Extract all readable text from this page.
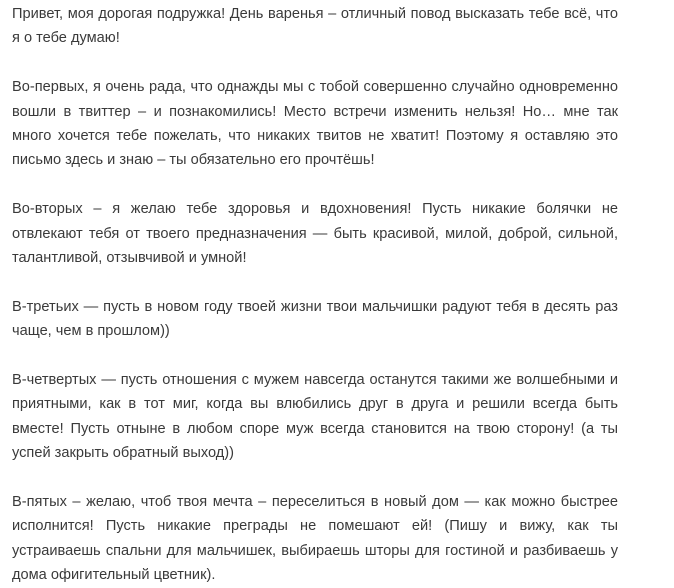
Привет, моя дорогая подружка! День варенья – отличный повод высказать тебе всё, что я о тебе думаю!

Во-первых, я очень рада, что однажды мы с тобой совершенно случайно одновременно вошли в твиттер – и познакомились! Место встречи изменить нельзя! Но… мне так много хочется тебе пожелать, что никаких твитов не хватит! Поэтому я оставляю это письмо здесь и знаю – ты обязательно его прочтёшь!

Во-вторых – я желаю тебе здоровья и вдохновения! Пусть никакие болячки не отвлекают тебя от твоего предназначения — быть красивой, милой, доброй, сильной, талантливой, отзывчивой и умной!

В-третьих — пусть в новом году твоей жизни твои мальчишки радуют тебя в десять раз чаще, чем в прошлом))

В-четвертых — пусть отношения с мужем навсегда останутся такими же волшебными и приятными, как в тот миг, когда вы влюбились друг в друга и решили всегда быть вместе! Пусть отныне в любом споре муж всегда становится на твою сторону! (а ты успей закрыть обратный выход))

В-пятых – желаю, чтоб твоя мечта – переселиться в новый дом — как можно быстрее исполнится! Пусть никакие преграды не помешают ей! (Пишу и вижу, как ты устраиваешь спальни для мальчишек, выбираешь шторы для гостиной и разбиваешь у дома офигительный цветник).
